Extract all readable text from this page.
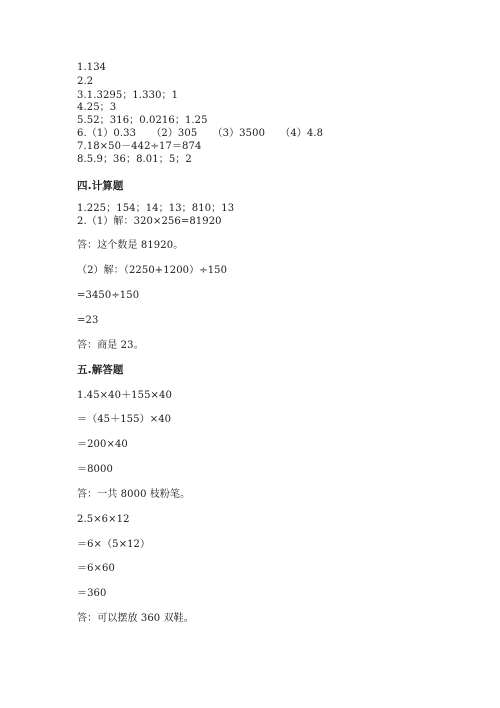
1.134
2.2
3.1.3295；1.330；1
4.25；3
5.52；316；0.0216；1.25
6.（1）0.33　　（2）305　　（3）3500　　（4）4.8
7.18×50－442÷17＝874
8.5.9；36；8.01；5；2
四.计算题
1.225；154；14；13；810；13
2.（1）解：320×256=81920
答：这个数是 81920。
（2）解：（2250+1200）÷150
=3450÷150
=23
答：商是 23。
五.解答题
1.45×40＋155×40
＝（45＋155）×40
＝200×40
＝8000
答：一共 8000 枝粉笔。
2.5×6×12
＝6×（5×12）
＝6×60
＝360
答：可以摆放 360 双鞋。
